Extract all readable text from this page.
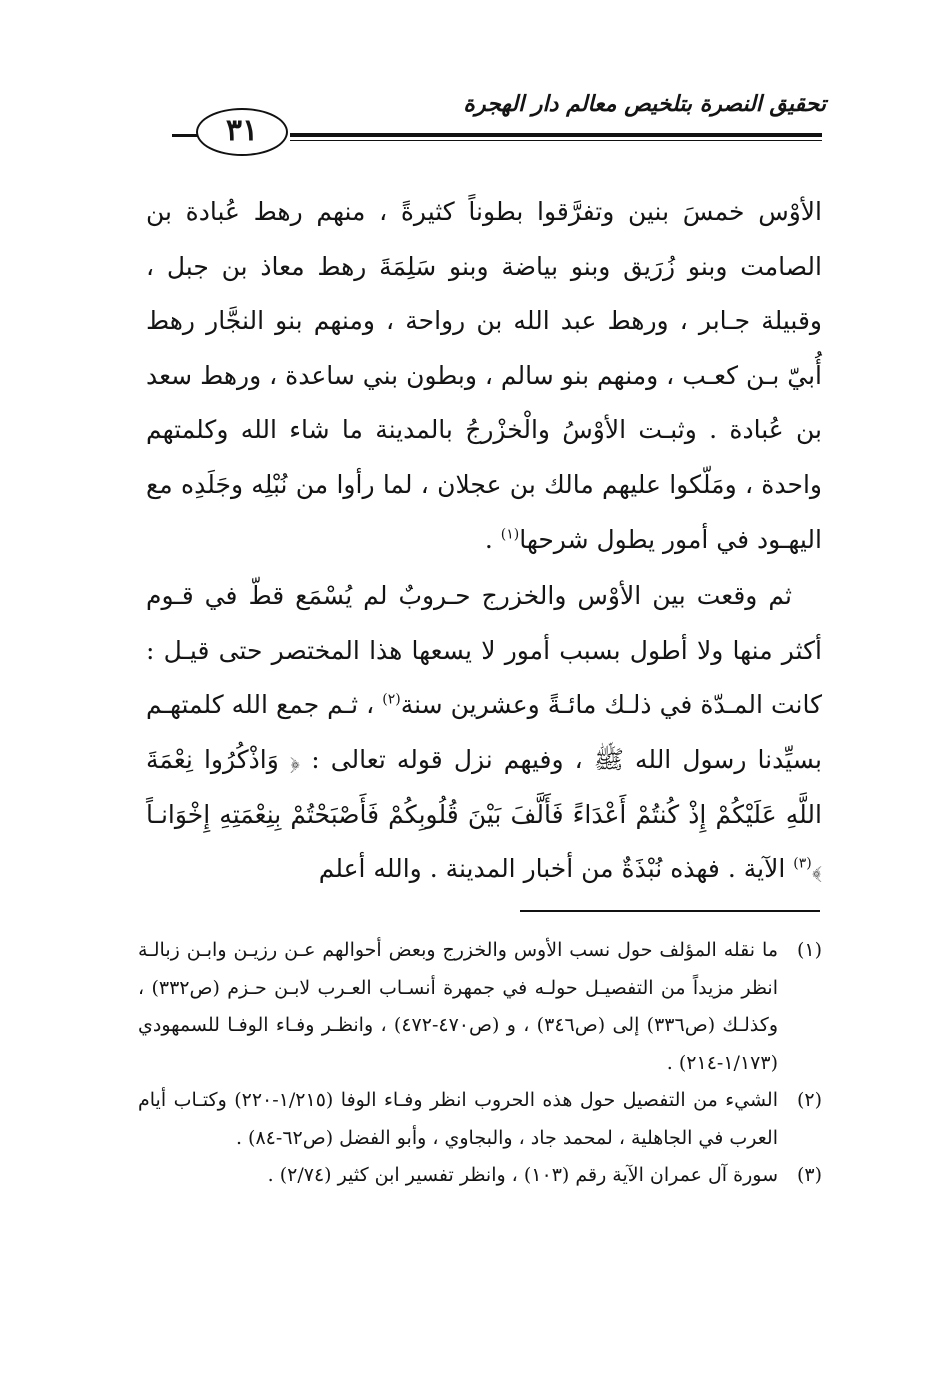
تحقيق النصرة بتلخيص معالم دار الهجرة
٣١

الأوْس خمسَ بنين وتفرَّقوا بطوناً كثيرةً ، منهم رهط عُبادة بن الصامت وبنو زُرَيق وبنو بياضة وبنو سَلِمَةَ رهط معاذ بن جبل ، وقبيلة جـابر ، ورهط عبد الله بن رواحة ، ومنهم بنو النجَّار رهط أُبيّ بـن كعـب ، ومنهم بنو سالم ، وبطون بني ساعدة ، ورهط سعد بن عُبادة . وثبـت الأوْسُ والْخزْرجُ بالمدينة ما شاء الله وكلمتهم واحدة ، ومَلّكوا عليهم مالك بن عجلان ، لما رأوا من نُبْلِه وجَلَدِه مع اليهـود في أمور يطول شرحها$^{(١)}$ .

ثم وقعت بين الأوْس والخزرج حـروبٌ لم يُسْمَع قطّ في قـوم أكثر منها ولا أطول بسبب أمور لا يسعها هذا المختصر حتى قيـل : كانت المـدّة في ذلـك مائـةً وعشرين سنة$^{(٢)}$ ، ثـم جمع الله كلمتهـم بسيِّدنا رسول الله ﷺ ، وفيهم نزل قوله تعالى : ﴿ وَاذْكُرُوا نِعْمَةَ اللَّهِ عَلَيْكُمْ إِذْ كُنتُمْ أَعْدَاءً فَأَلَّفَ بَيْنَ قُلُوبِكُمْ فَأَصْبَحْتُمْ بِنِعْمَتِهِ إِخْوَانـاً ﴾$^{(٣)}$ الآية . فهذه نُبْذَةٌ من أخبار المدينة . والله أعلم

(١)
ما نقله المؤلف حول نسب الأوس والخزرج وبعض أحوالهم عـن رزيـن وابـن زبالـة انظر مزيداً من التفصيـل حولـه في جمهرة أنسـاب العـرب لابـن حـزم (ص٣٣٢) ، وكذلـك (ص٣٣٦) إلى (ص٣٤٦) ، و (ص٤٧٠-٤٧٢) ، وانظـر وفـاء الوفـا للسمهودي (١/١٧٣-٢١٤) .
(٢)
الشيء من التفصيل حول هذه الحروب انظر وفـاء الوفا (١/٢١٥-٢٢٠) وكتـاب أيام العرب في الجاهلية ، لمحمد جاد ، والبجاوي ، وأبو الفضل (ص٦٢-٨٤) .
(٣)
سورة آل عمران الآية رقم (١٠٣) ، وانظر تفسير ابن كثير (٢/٧٤) .
